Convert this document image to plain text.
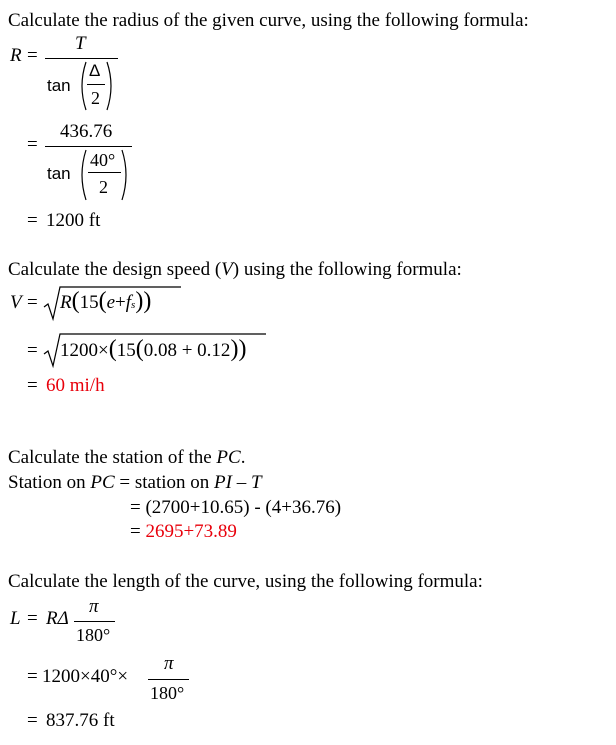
Calculate the radius of the given curve, using the following formula:
R =
T
tan
Δ
2
=
436.76
tan
40°
2
= 1200 ft
Calculate the design speed (V) using the following formula:
V = R(15(e+fs))
= 1200×(15(0.08 + 0.12))
= 60 mi/h
Calculate the station of the PC.
Station on PC = station on PI – T
= (2700+10.65) - (4+36.76)
= 2695+73.89
Calculate the length of the curve, using the following formula:
L = RΔ
π
180°
= 1200×40°×
π
180°
= 837.76 ft
